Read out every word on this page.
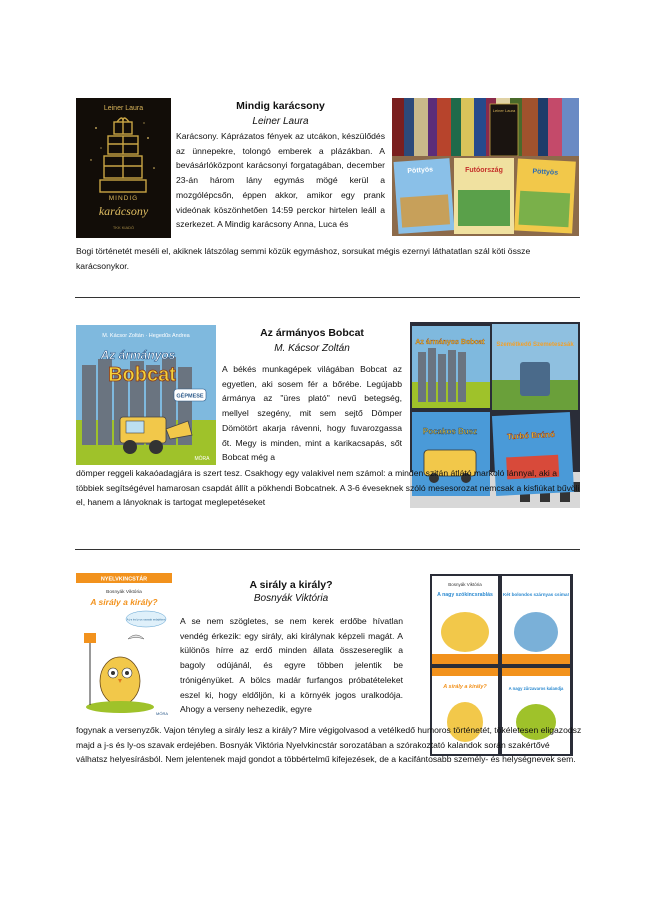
Leiner Laura
MINDIG
karácsony
TKK KIADÓ
Mindig karácsony
Leiner Laura

Karácsony. Káprázatos fények az utcákon, készülődés az ünnepekre, tolongó emberek a plázákban. A bevásárlóközpont karácsonyi forgatagában, december 23-án három lány egymás mögé kerül a mozgólépcsőn, éppen akkor, amikor egy prank videónak köszönhetően 14:59 perckor hirtelen leáll a szerkezet. A Mindig karácsony Anna, Luca és

Leiner Laura
Pöttyös	Futóország	Pöttyös

Bogi történetét meséli el, akiknek látszólag semmi közük egymáshoz, sorsukat mégis ezernyi láthatatlan szál köti össze karácsonykor.

M. Kácsor Zoltán · Hegedűs Andrea
Az ármányos
Bobcat
GÉPMESE
MÓRA
Az ármányos Bobcat
M. Kácsor Zoltán

A békés munkagépek világában Bobcat az egyetlen, aki sosem fér a bőrébe. Legújabb ármánya az "üres plató" nevű betegség, mellyel szegény, mit sem sejtő Dömper Dömötört akarja rávenni, hogy fuvarozgassa őt. Megy is minden, mint a karikacsapás, sőt Bobcat még a

Az ármányos Bobcat Szemétkedő Szemeteszsák
Pocakos Busz	Turbó Brúnó

dömper reggeli kakaóadagjára is szert tesz. Csakhogy egy valakivel nem számol: a minden szitán átlátó markoló lánnyal, aki a többiek segítségével hamarosan csapdát állít a pökhendi Bobcatnek. A 3-6 éveseknek szóló mesesorozat nemcsak a kisfiúkat bűvöli el, hanem a lányoknak is tartogat meglepetéseket

NYELVKINCSTÁR
Bosnyák Viktória
A sirály a király?
A j-s és ly-os szavak erdejében
MÓRA
A sirály a király?
Bosnyák Viktória

A se nem szögletes, se nem kerek erdőbe hívatlan vendég érkezik: egy sirály, aki királynak képzeli magát. A különös hírre az erdő minden állata összesereglik a bagoly odújánál, és egyre többen jelentik be trónigényüket. A bölcs madár furfangos próbatételeket eszel ki, hogy eldőljön, ki a környék jogos uralkodója. Ahogy a verseny nehezedik, egyre

Bosnyák Viktória
A nagy szókincsrablás Két bolondos szárnyas csima!
A sirály a király?	A nagy zűrzavaros kalandja

fogynak a versenyzők. Vajon tényleg a sirály lesz a király? Mire végigolvasod a vetélkedő humoros történetét, tökéletesen eligazodsz majd a j-s és ly-os szavak erdejében. Bosnyák Viktória Nyelvkincstár sorozatában a szórakoztató kalandok során szakértővé válhatsz helyesírásból. Nem jelentenek majd gondot a többértelmű kifejezések, de a kacifántosabb személy- és helységnevek sem.
